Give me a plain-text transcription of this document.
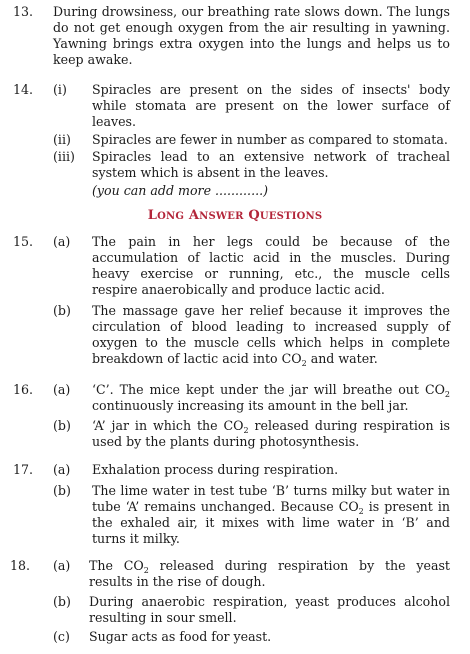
13. During drowsiness, our breathing rate slows down. The lungs do not get enough oxygen from the air resulting in yawning. Yawning brings extra oxygen into the lungs and helps us to keep awake.
14. (i) Spiracles are present on the sides of insects' body while stomata are present on the lower surface of leaves.
(ii) Spiracles are fewer in number as compared to stomata.
(iii) Spiracles lead to an extensive network of tracheal system which is absent in the leaves.
(you can add more ............)
LONG ANSWER QUESTIONS
15. (a) The pain in her legs could be because of the accumulation of lactic acid in the muscles. During heavy exercise or running, etc., the muscle cells respire anaerobically and produce lactic acid.
(b) The massage gave her relief because it improves the circulation of blood leading to increased supply of oxygen to the muscle cells which helps in complete breakdown of lactic acid into $CO_2$ and water.
16. (a) ‘C’. The mice kept under the jar will breathe out $CO_2$ continuously increasing its amount in the bell jar.
(b) ‘A’ jar in which the $CO_2$ released during respiration is used by the plants during photosynthesis.
17. (a) Exhalation process during respiration.
(b) The lime water in test tube ‘B’ turns milky but water in tube ‘A’ remains unchanged. Because $CO_2$ is present in the exhaled air, it mixes with lime water in ‘B’ and turns it milky.
18. (a) The $CO_2$ released during respiration by the yeast results in the rise of dough.
(b) During anaerobic respiration, yeast produces alcohol resulting in sour smell.
(c) Sugar acts as food for yeast.
